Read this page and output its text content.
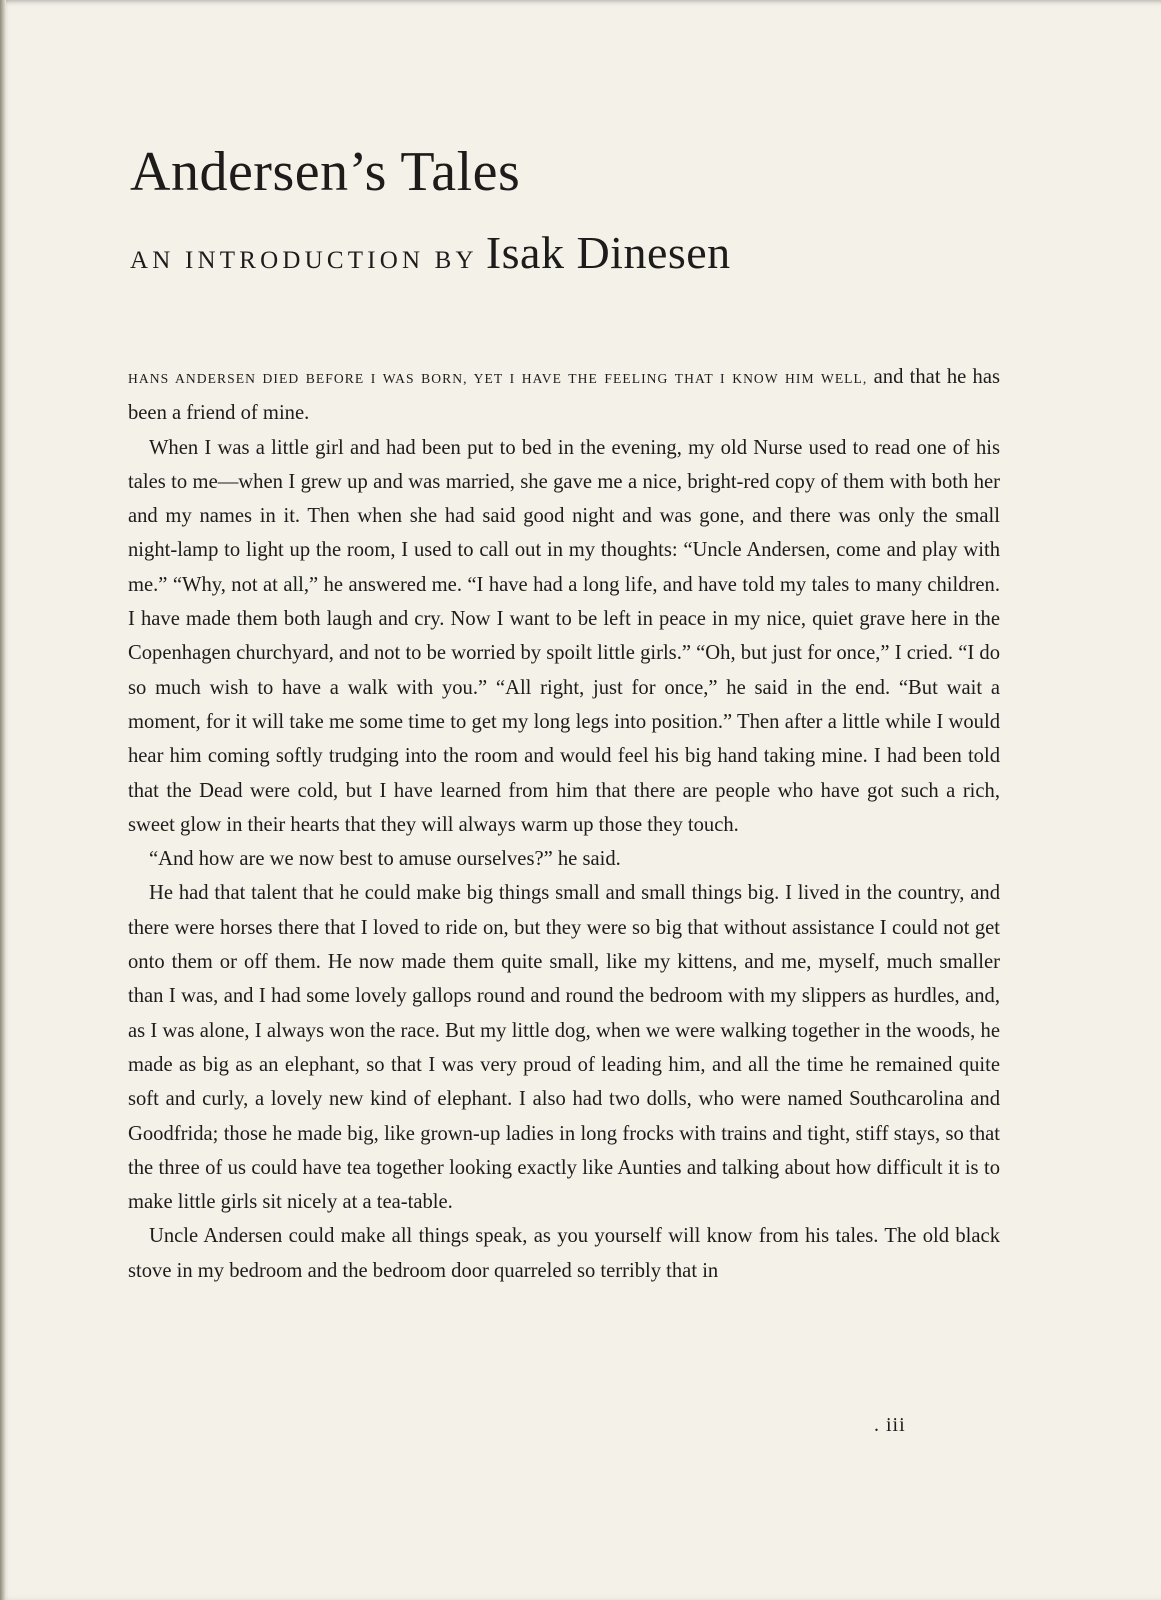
Andersen’s Tales
AN INTRODUCTION BY Isak Dinesen

HANS ANDERSEN DIED BEFORE I WAS BORN, YET I HAVE THE FEELING THAT I KNOW HIM WELL, and that he has been a friend of mine.

When I was a little girl and had been put to bed in the evening, my old Nurse used to read one of his tales to me—when I grew up and was married, she gave me a nice, bright-red copy of them with both her and my names in it. Then when she had said good night and was gone, and there was only the small night-lamp to light up the room, I used to call out in my thoughts: “Uncle Andersen, come and play with me.” “Why, not at all,” he answered me. “I have had a long life, and have told my tales to many children. I have made them both laugh and cry. Now I want to be left in peace in my nice, quiet grave here in the Copenhagen churchyard, and not to be worried by spoilt little girls.” “Oh, but just for once,” I cried. “I do so much wish to have a walk with you.” “All right, just for once,” he said in the end. “But wait a moment, for it will take me some time to get my long legs into position.” Then after a little while I would hear him coming softly trudging into the room and would feel his big hand taking mine. I had been told that the Dead were cold, but I have learned from him that there are people who have got such a rich, sweet glow in their hearts that they will always warm up those they touch.

“And how are we now best to amuse ourselves?” he said.

He had that talent that he could make big things small and small things big. I lived in the country, and there were horses there that I loved to ride on, but they were so big that without assistance I could not get onto them or off them. He now made them quite small, like my kittens, and me, myself, much smaller than I was, and I had some lovely gallops round and round the bedroom with my slippers as hurdles, and, as I was alone, I always won the race. But my little dog, when we were walking together in the woods, he made as big as an elephant, so that I was very proud of leading him, and all the time he remained quite soft and curly, a lovely new kind of elephant. I also had two dolls, who were named Southcarolina and Goodfrida; those he made big, like grown-up ladies in long frocks with trains and tight, stiff stays, so that the three of us could have tea together looking exactly like Aunties and talking about how difficult it is to make little girls sit nicely at a tea-table.

Uncle Andersen could make all things speak, as you yourself will know from his tales. The old black stove in my bedroom and the bedroom door quarreled so terribly that in

. iii
